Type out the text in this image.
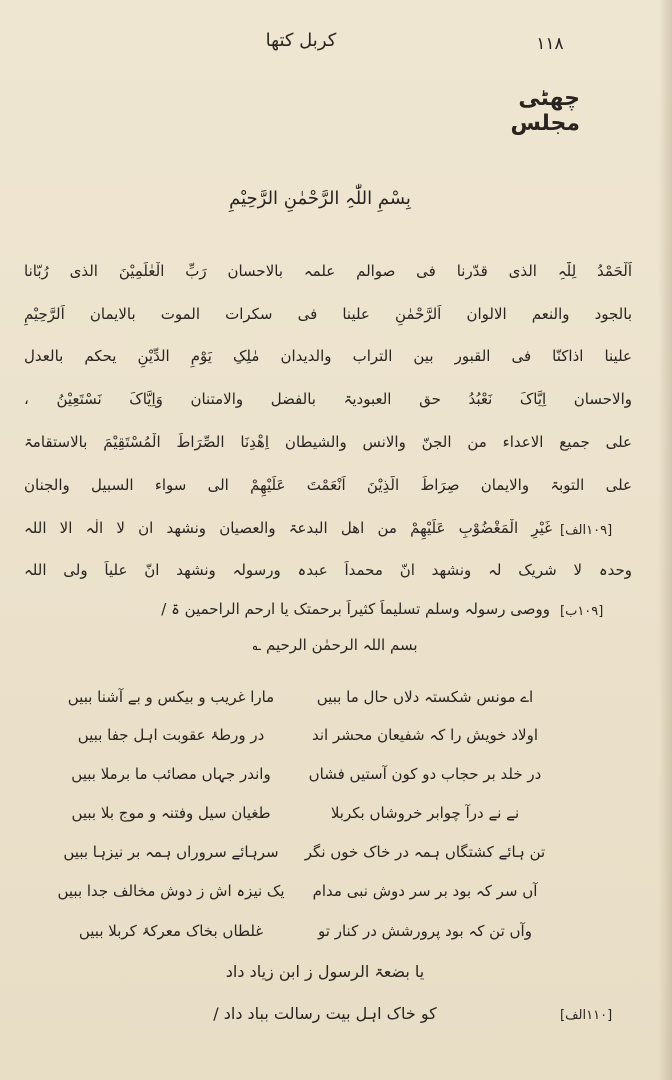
کربل کتھا	۱۱۸
چھٹی مجلس
بِسْمِ اللّٰہِ الرَّحْمٰنِ الرَّحِیْمِ
اَلْحَمْدُ لِلّٰہِ الذی قدّرنا فی صوالم علمہ بالاحسان رَبِّ الْعٰلَمِیْنَ الذی رُبّانا
بالجود والنعم الالوان اَلرَّحْمٰنِ علینا فی سکرات الموت بالایمان اَلرَّحِیْمِ
علینا اذاکنّا فی القبور بین التراب والدیدان مٰلِکِ یَوْمِ الدِّیْنِ یحکم بالعدل
والاحسان اِیَّاکَ نَعْبُدُ حق العبودیۃ بالفضل والامتنان وَاِیَّاکَ نَسْتَعِیْنُ ،
علی جمیع الاعداء من الجنّ والانس والشیطان اِھْدِنَا الصِّرَاطَ الْمُسْتَقِیْمَ بالاستقامۃ
علی التوبۃ والایمان صِرَاطَ الَّذِیْنَ اَنْعَمْتَ عَلَیْھِمْ الی سواء السبیل والجنان
غَیْرِ الْمَغْضُوْبِ عَلَیْھِمْ من اھل البدعۃ والعصیان ونشھد ان لا الٰہ الا اللہ [۱۰۹الف]
وحدہ لا شریک لہ ونشھد انّ محمداً عبدہ ورسولہ ونشھد انّ علیاً ولی اللہ
ووصی رسولہ وسلم تسلیماً کثیراً برحمتک یا ارحم الراحمین ۃ / [۱۰۹ب]
بسم اللہ الرحمٰن الرحیم ؎
اے مونس شکستہ دلاں حال ما ببیں
مارا غریب و بیکس و بے آشنا ببیں
اولاد خویش را کہ شفیعان محشر اند
در ورطۂ عقوبت اہل جفا ببیں
در خلد بر حجاب دو کون آستیں فشاں
واندر جہاں مصائب ما برملا ببیں
نے نے درآ چوابر خروشاں بکربلا
طغیان سیل وفتنہ و موج بلا ببیں
تن ہائے کشتگاں ہمہ در خاک خوں نگر
سرہائے سروراں ہمہ بر نیزہا ببیں
آں سر کہ بود بر سر دوش نبی مدام
یک نیزہ اش ز دوش مخالف جدا ببیں
وآں تن کہ بود پرورشش در کنار تو
غلطاں بخاک معرکۂ کربلا ببیں
یا بضعۃ الرسول ز ابن زیاد داد
کو خاک اہل بیت رسالت بباد داد /	[۱۱۰الف]
